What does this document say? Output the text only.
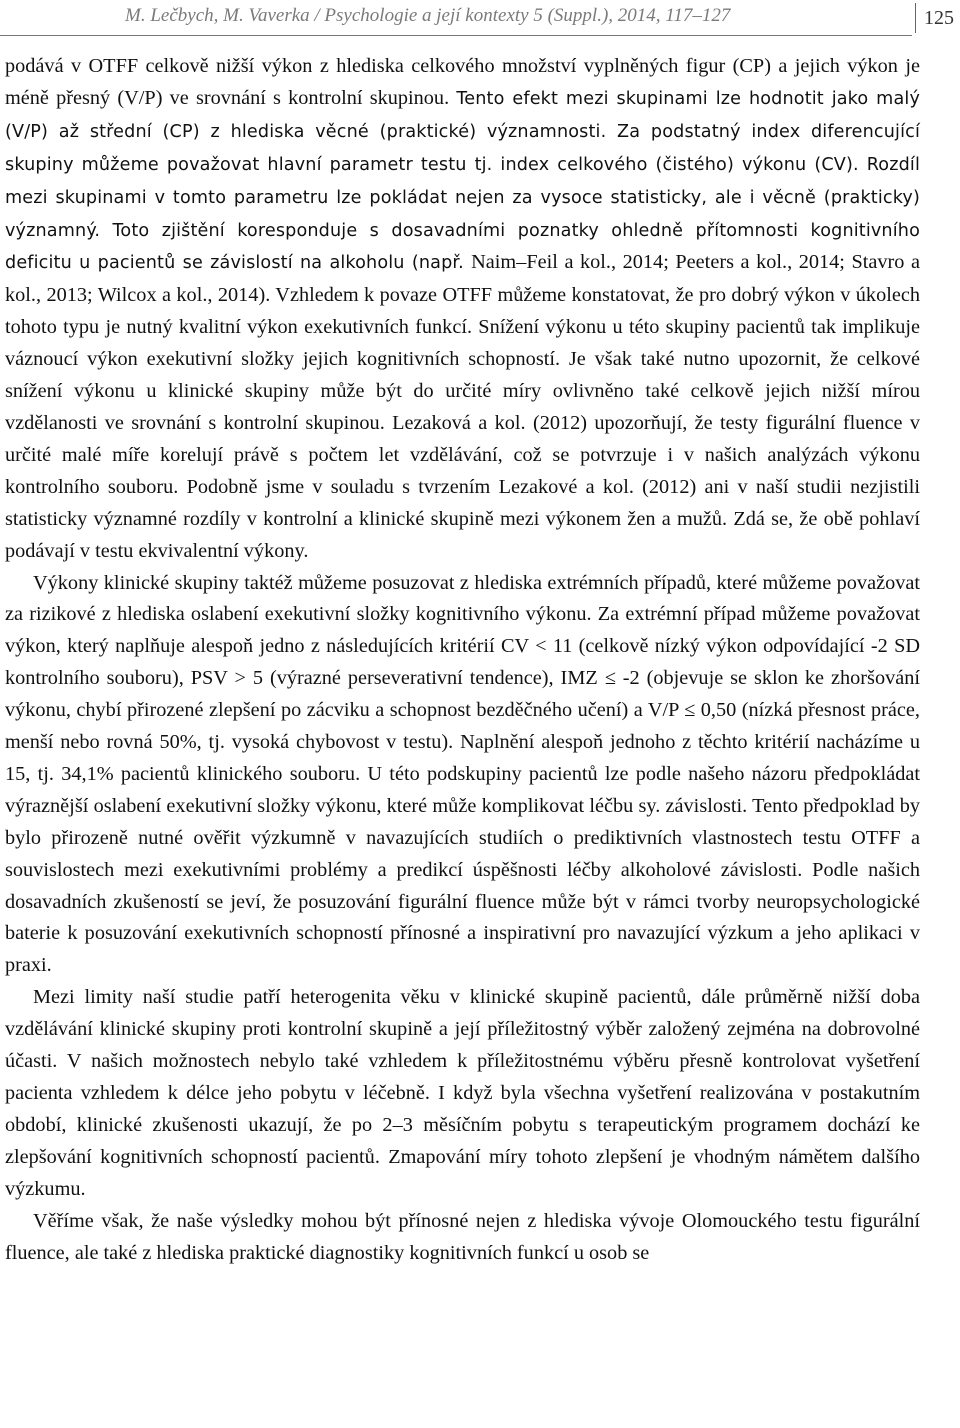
M. Lečbych, M. Vaverka / Psychologie a její kontexty 5 (Suppl.), 2014, 117–127	125

podává v OTFF celkově nižší výkon z hlediska celkového množství vyplněných figur (CP) a jejich výkon je méně přesný (V/P) ve srovnání s kontrolní skupinou. Tento efekt mezi skupinami lze hodnotit jako malý (V/P) až střední (CP) z hlediska věcné (praktické) významnosti. Za podstatný index diferencující skupiny můžeme považovat hlavní parametr testu tj. index celkového (čistého) výkonu (CV). Rozdíl mezi skupinami v tomto parametru lze pokládat nejen za vysoce statisticky, ale i věcně (prakticky) významný. Toto zjištění koresponduje s dosavadními poznatky ohledně přítomnosti kognitivního deficitu u pacientů se závislostí na alkoholu (např. Naim–Feil a kol., 2014; Peeters a kol., 2014; Stavro a kol., 2013; Wilcox a kol., 2014). Vzhledem k povaze OTFF můžeme konstatovat, že pro dobrý výkon v úkolech tohoto typu je nutný kvalitní výkon exekutivních funkcí. Snížení výkonu u této skupiny pacientů tak implikuje váznoucí výkon exekutivní složky jejich kognitivních schopností. Je však také nutno upozornit, že celkové snížení výkonu u klinické skupiny může být do určité míry ovlivněno také celkově jejich nižší mírou vzdělanosti ve srovnání s kontrolní skupinou. Lezaková a kol. (2012) upozorňují, že testy figurální fluence v určité malé míře korelují právě s počtem let vzdělávání, což se potvrzuje i v našich analýzách výkonu kontrolního souboru. Podobně jsme v souladu s tvrzením Lezakové a kol. (2012) ani v naší studii nezjistili statisticky významné rozdíly v kontrolní a klinické skupině mezi výkonem žen a mužů. Zdá se, že obě pohlaví podávají v testu ekvivalentní výkony.

Výkony klinické skupiny taktéž můžeme posuzovat z hlediska extrémních případů, které můžeme považovat za rizikové z hlediska oslabení exekutivní složky kognitivního výkonu. Za extrémní případ můžeme považovat výkon, který naplňuje alespoň jedno z následujících kritérií CV < 11 (celkově nízký výkon odpovídající -2 SD kontrolního souboru), PSV > 5 (výrazné perseverativní tendence), IMZ ≤ -2 (objevuje se sklon ke zhoršování výkonu, chybí přirozené zlepšení po zácviku a schopnost bezděčného učení) a V/P ≤ 0,50 (nízká přesnost práce, menší nebo rovná 50%, tj. vysoká chybovost v testu). Naplnění alespoň jednoho z těchto kritérií nacházíme u 15, tj. 34,1% pacientů klinického souboru. U této podskupiny pacientů lze podle našeho názoru předpokládat výraznější oslabení exekutivní složky výkonu, které může komplikovat léčbu sy. závislosti. Tento předpoklad by bylo přirozeně nutné ověřit výzkumně v navazujících studiích o prediktivních vlastnostech testu OTFF a souvislostech mezi exekutivními problémy a predikcí úspěšnosti léčby alkoholové závislosti. Podle našich dosavadních zkušeností se jeví, že posuzování figurální fluence může být v rámci tvorby neuropsychologické baterie k posuzování exekutivních schopností přínosné a inspirativní pro navazující výzkum a jeho aplikaci v praxi.

Mezi limity naší studie patří heterogenita věku v klinické skupině pacientů, dále průměrně nižší doba vzdělávání klinické skupiny proti kontrolní skupině a její příležitostný výběr založený zejména na dobrovolné účasti. V našich možnostech nebylo také vzhledem k příležitostnému výběru přesně kontrolovat vyšetření pacienta vzhledem k délce jeho pobytu v léčebně. I když byla všechna vyšetření realizována v postakutním období, klinické zkušenosti ukazují, že po 2–3 měsíčním pobytu s terapeutickým programem dochází ke zlepšování kognitivních schopností pacientů. Zmapování míry tohoto zlepšení je vhodným námětem dalšího výzkumu.

Věříme však, že naše výsledky mohou být přínosné nejen z hlediska vývoje Olomouckého testu figurální fluence, ale také z hlediska praktické diagnostiky kognitivních funkcí u osob se
